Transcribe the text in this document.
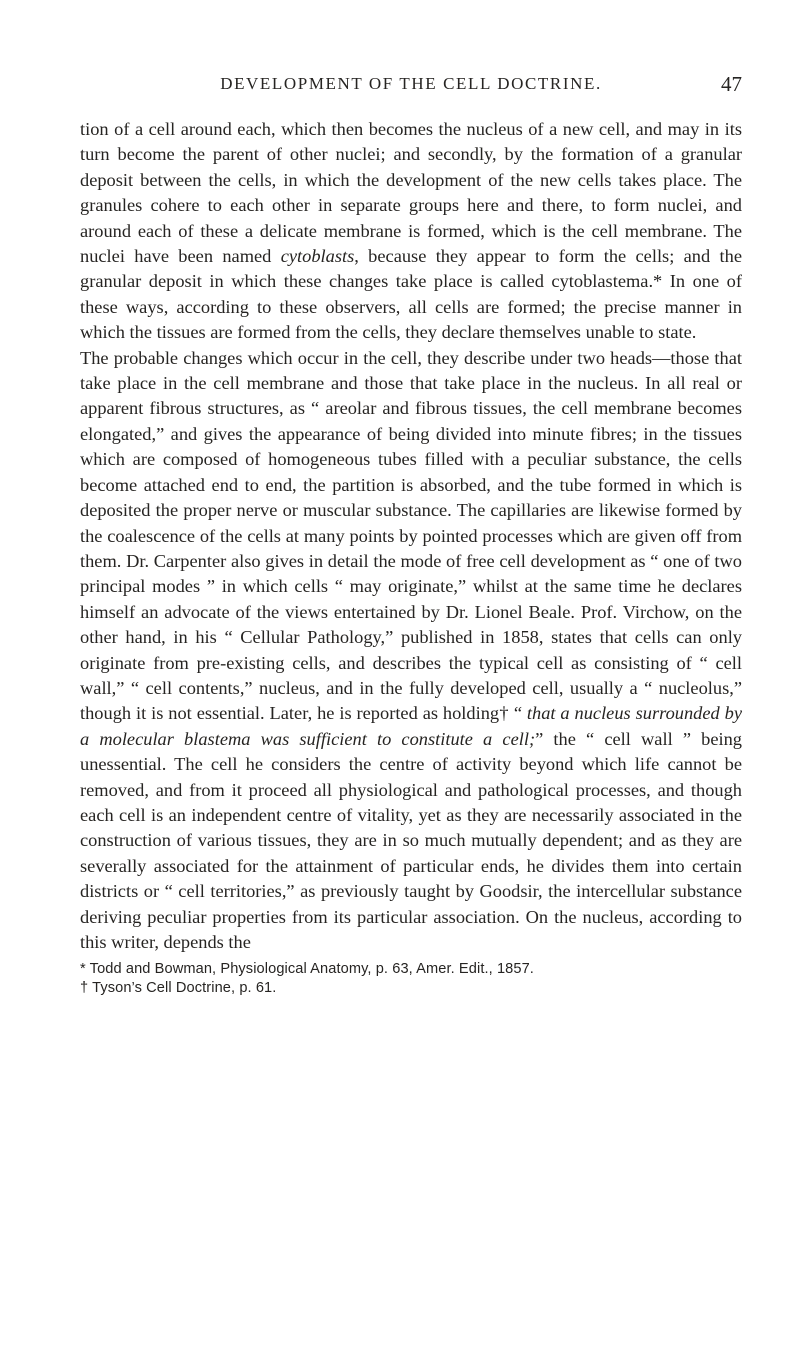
DEVELOPMENT OF THE CELL DOCTRINE.	47

tion of a cell around each, which then becomes the nucleus of a new cell, and may in its turn become the parent of other nuclei; and secondly, by the formation of a granular deposit between the cells, in which the development of the new cells takes place. The granules cohere to each other in separate groups here and there, to form nuclei, and around each of these a delicate membrane is formed, which is the cell membrane. The nuclei have been named cytoblasts, because they appear to form the cells; and the granular deposit in which these changes take place is called cytoblastema.* In one of these ways, according to these observers, all cells are formed; the precise manner in which the tissues are formed from the cells, they declare themselves unable to state.

The probable changes which occur in the cell, they describe under two heads—those that take place in the cell membrane and those that take place in the nucleus. In all real or apparent fibrous structures, as “ areolar and fibrous tissues, the cell membrane becomes elongated,” and gives the appearance of being divided into minute fibres; in the tissues which are composed of homogeneous tubes filled with a peculiar substance, the cells become attached end to end, the partition is absorbed, and the tube formed in which is deposited the proper nerve or muscular substance. The capillaries are likewise formed by the coalescence of the cells at many points by pointed processes which are given off from them. Dr. Carpenter also gives in detail the mode of free cell development as “ one of two principal modes ” in which cells “ may originate,” whilst at the same time he declares himself an advocate of the views entertained by Dr. Lionel Beale. Prof. Virchow, on the other hand, in his “ Cellular Pathology,” published in 1858, states that cells can only originate from pre-existing cells, and describes the typical cell as consisting of “ cell wall,” “ cell contents,” nucleus, and in the fully developed cell, usually a “ nucleolus,” though it is not essential. Later, he is reported as holding† “ that a nucleus surrounded by a molecular blastema was sufficient to constitute a cell;” the “ cell wall ” being unessential. The cell he considers the centre of activity beyond which life cannot be removed, and from it proceed all physiological and pathological processes, and though each cell is an independent centre of vitality, yet as they are necessarily associated in the construction of various tissues, they are in so much mutually dependent; and as they are severally associated for the attainment of particular ends, he divides them into certain districts or “ cell territories,” as previously taught by Goodsir, the intercellular substance deriving peculiar properties from its particular association. On the nucleus, according to this writer, depends the

* Todd and Bowman, Physiological Anatomy, p. 63, Amer. Edit., 1857.

† Tyson’s Cell Doctrine, p. 61.
